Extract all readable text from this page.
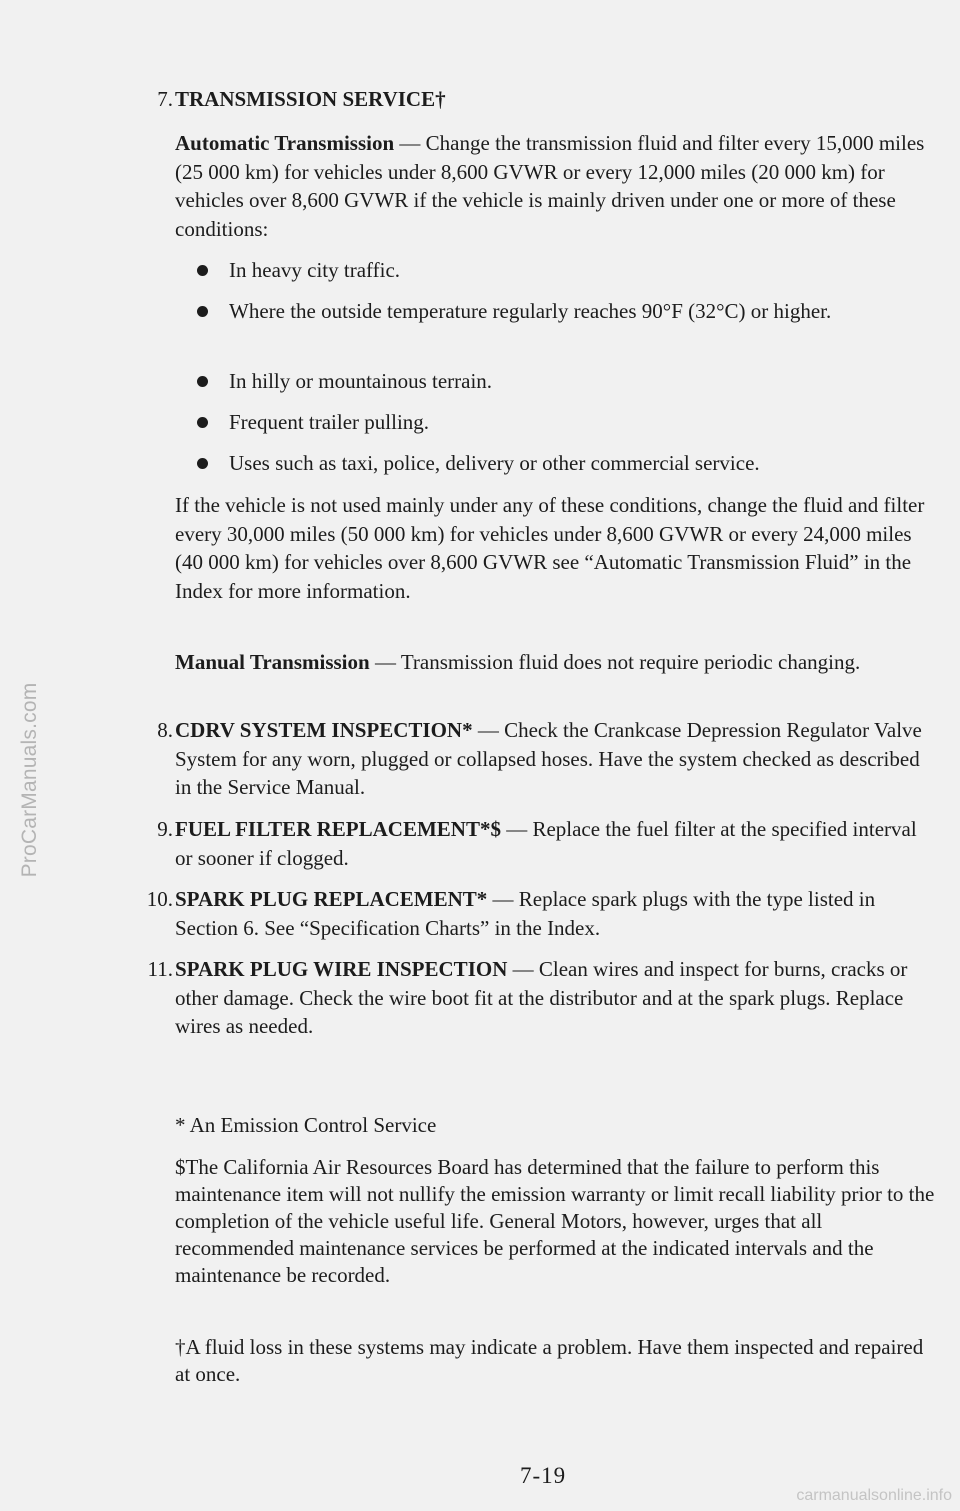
ProCarManuals.com
7. TRANSMISSION SERVICE†
Automatic Transmission — Change the transmission fluid and filter every 15,000 miles (25 000 km) for vehicles under 8,600 GVWR or every 12,000 miles (20 000 km) for vehicles over 8,600 GVWR if the vehicle is mainly driven under one or more of these conditions:
In heavy city traffic.
Where the outside temperature regularly reaches 90°F (32°C) or higher.
In hilly or mountainous terrain.
Frequent trailer pulling.
Uses such as taxi, police, delivery or other commercial service.
If the vehicle is not used mainly under any of these conditions, change the fluid and filter every 30,000 miles (50 000 km) for vehicles under 8,600 GVWR or every 24,000 miles (40 000 km) for vehicles over 8,600 GVWR see “Automatic Transmission Fluid” in the Index for more information.
Manual Transmission — Transmission fluid does not require periodic changing.
8. CDRV SYSTEM INSPECTION* — Check the Crankcase Depression Regulator Valve System for any worn, plugged or collapsed hoses. Have the system checked as described in the Service Manual.
9. FUEL FILTER REPLACEMENT*$ — Replace the fuel filter at the specified interval or sooner if clogged.
10. SPARK PLUG REPLACEMENT* — Replace spark plugs with the type listed in Section 6. See “Specification Charts” in the Index.
11. SPARK PLUG WIRE INSPECTION — Clean wires and inspect for burns, cracks or other damage. Check the wire boot fit at the distributor and at the spark plugs. Replace wires as needed.
* An Emission Control Service
$The California Air Resources Board has determined that the failure to perform this maintenance item will not nullify the emission warranty or limit recall liability prior to the completion of the vehicle useful life. General Motors, however, urges that all recommended maintenance services be performed at the indicated intervals and the maintenance be recorded.
†A fluid loss in these systems may indicate a problem. Have them inspected and repaired at once.
7-19
carmanualsonline.info
